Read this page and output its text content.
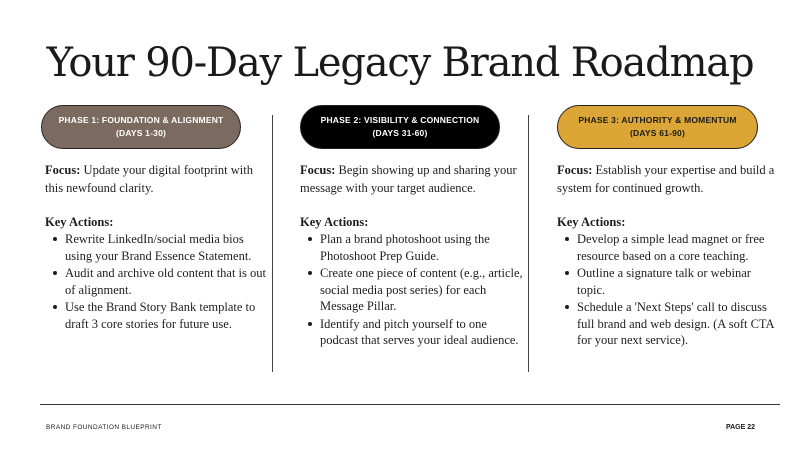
Your 90-Day Legacy Brand Roadmap
PHASE 1: FOUNDATION & ALIGNMENT
(DAYS 1-30)
Focus: Update your digital footprint with this newfound clarity.
Key Actions:
Rewrite LinkedIn/social media bios using your Brand Essence Statement.
Audit and archive old content that is out of alignment.
Use the Brand Story Bank template to draft 3 core stories for future use.
PHASE 2: VISIBILITY & CONNECTION
(DAYS 31-60)
Focus: Begin showing up and sharing your message with your target audience.
Key Actions:
Plan a brand photoshoot using the Photoshoot Prep Guide.
Create one piece of content (e.g., article, social media post series) for each Message Pillar.
Identify and pitch yourself to one podcast that serves your ideal audience.
PHASE 3: AUTHORITY & MOMENTUM
(DAYS 61-90)
Focus: Establish your expertise and build a system for continued growth.
Key Actions:
Develop a simple lead magnet or free resource based on a core teaching.
Outline a signature talk or webinar topic.
Schedule a 'Next Steps' call to discuss full brand and web design. (A soft CTA for your next service).
BRAND FOUNDATION BLUEPRINT	PAGE 22
